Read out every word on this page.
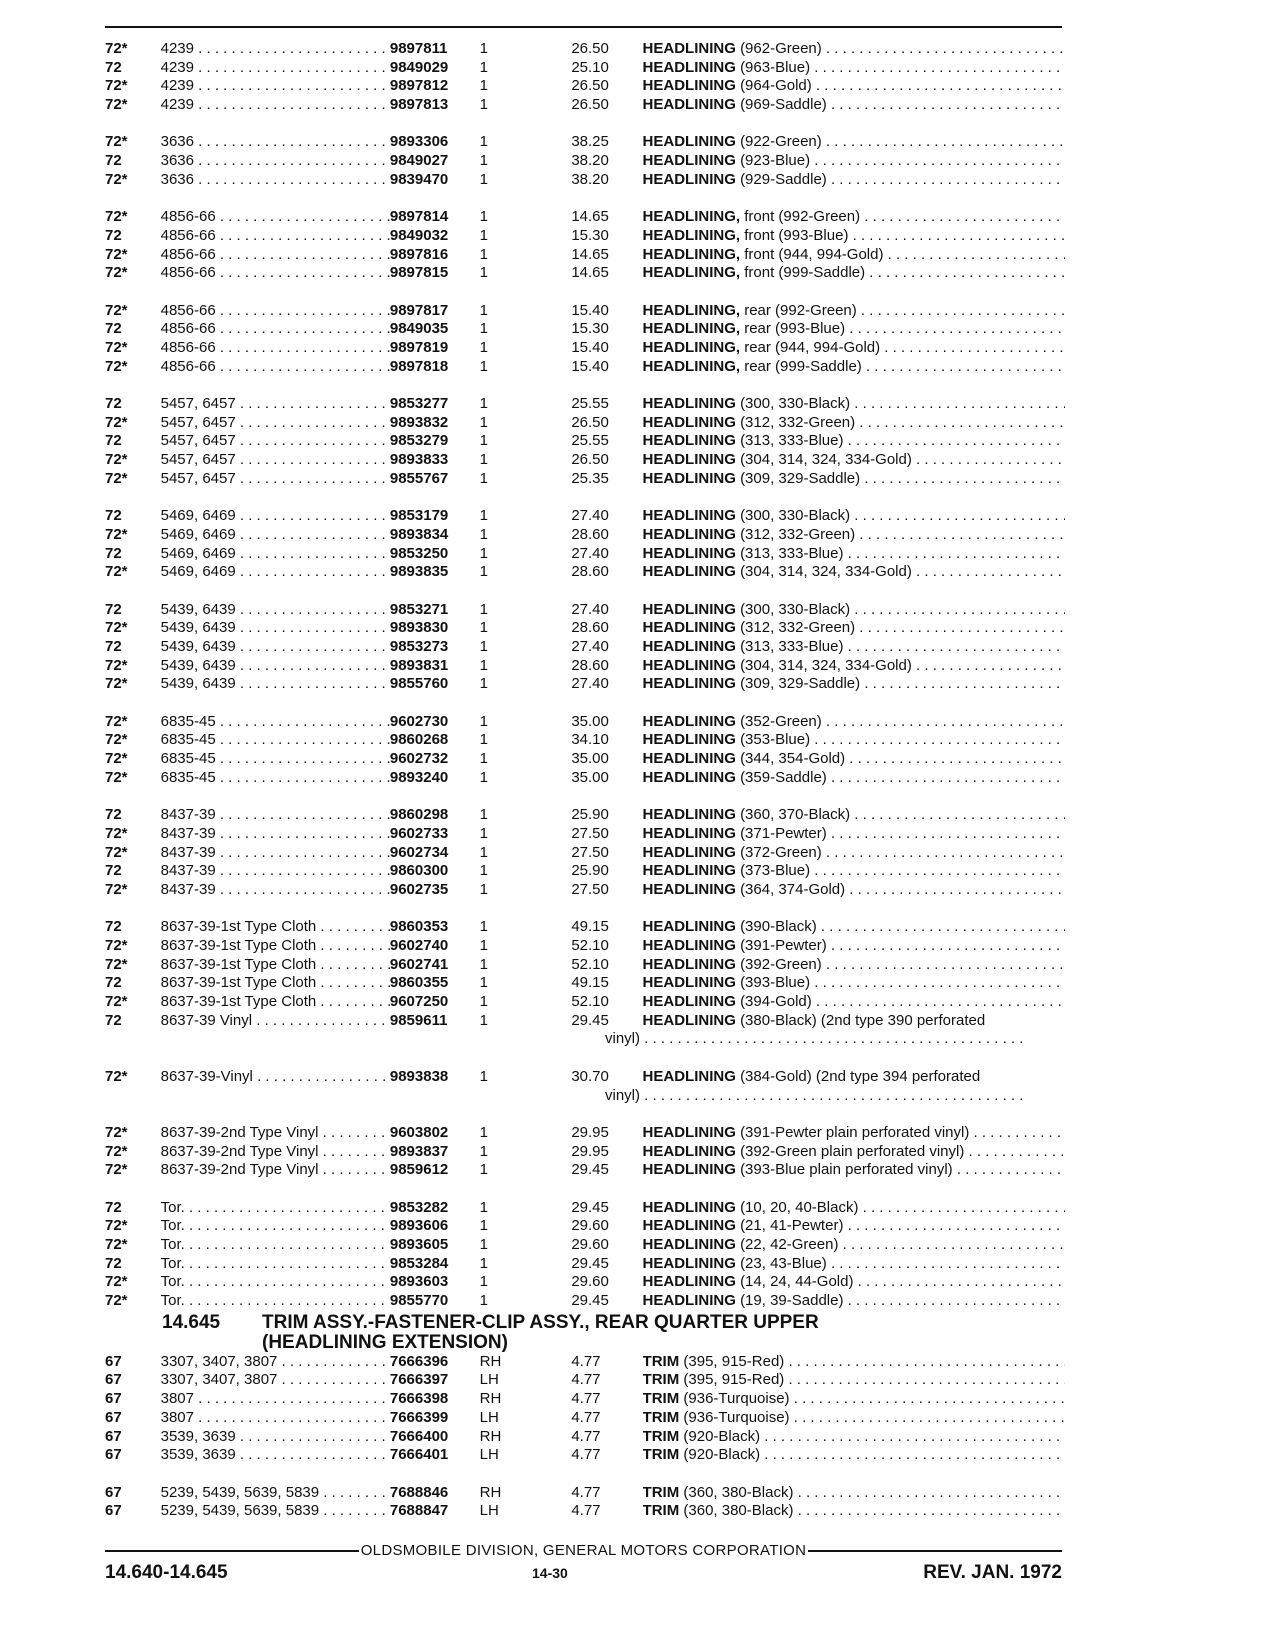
72*	4239 . . .	9897811	1	26.50	HEADLINING (962-Green) . . .
72	4239 . . .	9849029	1	25.10	HEADLINING (963-Blue) . . .
72*	4239 . . .	9897812	1	26.50	HEADLINING (964-Gold) . . .
72*	4239 . . .	9897813	1	26.50	HEADLINING (969-Saddle) . . .
72*	3636 . . .	9893306	1	38.25	HEADLINING (922-Green) . . .
72	3636 . . .	9849027	1	38.20	HEADLINING (923-Blue) . . .
72*	3636 . . .	9839470	1	38.20	HEADLINING (929-Saddle) . . .
72*	4856-66 . . .	9897814	1	14.65	HEADLINING, front (992-Green) . . .
72	4856-66 . . .	9849032	1	15.30	HEADLINING, front (993-Blue) . . .
72*	4856-66 . . .	9897816	1	14.65	HEADLINING, front (944, 994-Gold) . . .
72*	4856-66 . . .	9897815	1	14.65	HEADLINING, front (999-Saddle) . . .
72*	4856-66 . . .	9897817	1	15.40	HEADLINING, rear (992-Green) . . .
72	4856-66 . . .	9849035	1	15.30	HEADLINING, rear (993-Blue) . . .
72*	4856-66 . . .	9897819	1	15.40	HEADLINING, rear (944, 994-Gold) . . .
72*	4856-66 . . .	9897818	1	15.40	HEADLINING, rear (999-Saddle) . . .
72	5457, 6457 . . .	9853277	1	25.55	HEADLINING (300, 330-Black) . . .
72*	5457, 6457 . . .	9893832	1	26.50	HEADLINING (312, 332-Green) . . .
72	5457, 6457 . . .	9853279	1	25.55	HEADLINING (313, 333-Blue) . . .
72*	5457, 6457 . . .	9893833	1	26.50	HEADLINING (304, 314, 324, 334-Gold) . . .
72*	5457, 6457 . . .	9855767	1	25.35	HEADLINING (309, 329-Saddle) . . .
72	5469, 6469 . . .	9853179	1	27.40	HEADLINING (300, 330-Black) . . .
72*	5469, 6469 . . .	9893834	1	28.60	HEADLINING (312, 332-Green) . . .
72	5469, 6469 . . .	9853250	1	27.40	HEADLINING (313, 333-Blue) . . .
72*	5469, 6469 . . .	9893835	1	28.60	HEADLINING (304, 314, 324, 334-Gold) . . .
72	5439, 6439 . . .	9853271	1	27.40	HEADLINING (300, 330-Black) . . .
72*	5439, 6439 . . .	9893830	1	28.60	HEADLINING (312, 332-Green) . . .
72	5439, 6439 . . .	9853273	1	27.40	HEADLINING (313, 333-Blue) . . .
72*	5439, 6439 . . .	9893831	1	28.60	HEADLINING (304, 314, 324, 334-Gold) . . .
72*	5439, 6439 . . .	9855760	1	27.40	HEADLINING (309, 329-Saddle) . . .
72*	6835-45 . . .	9602730	1	35.00	HEADLINING (352-Green) . . .
72*	6835-45 . . .	9860268	1	34.10	HEADLINING (353-Blue) . . .
72*	6835-45 . . .	9602732	1	35.00	HEADLINING (344, 354-Gold) . . .
72*	6835-45 . . .	9893240	1	35.00	HEADLINING (359-Saddle) . . .
72	8437-39 . . .	9860298	1	25.90	HEADLINING (360, 370-Black) . . .
72*	8437-39 . . .	9602733	1	27.50	HEADLINING (371-Pewter) . . .
72*	8437-39 . . .	9602734	1	27.50	HEADLINING (372-Green) . . .
72	8437-39 . . .	9860300	1	25.90	HEADLINING (373-Blue) . . .
72*	8437-39 . . .	9602735	1	27.50	HEADLINING (364, 374-Gold) . . .
72	8637-39-1st Type Cloth . . . .	9860353	1	49.15	HEADLINING (390-Black) . . .
72*	8637-39-1st Type Cloth . . . .	9602740	1	52.10	HEADLINING (391-Pewter) . . .
72*	8637-39-1st Type Cloth . . . .	9602741	1	52.10	HEADLINING (392-Green) . . .
72	8637-39-1st Type Cloth . . . .	9860355	1	49.15	HEADLINING (393-Blue) . . .
72*	8637-39-1st Type Cloth . . . .	9607250	1	52.10	HEADLINING (394-Gold) . . .
72	8637-39 Vinyl . . .	9859611	1	29.45	HEADLINING (380-Black) (2nd type 390 perforated
vinyl) . . .
72*	8637-39-Vinyl . . .	9893838	1	30.70	HEADLINING (384-Gold) (2nd type 394 perforated
vinyl) . . .
72*	8637-39-2nd Type Vinyl . . . .	9603802	1	29.95	HEADLINING (391-Pewter plain perforated vinyl) . . .
72*	8637-39-2nd Type Vinyl . . . .	9893837	1	29.95	HEADLINING (392-Green plain perforated vinyl) . . .
72*	8637-39-2nd Type Vinyl . . . .	9859612	1	29.45	HEADLINING (393-Blue plain perforated vinyl) . . .
72	Tor. . . .	9853282	1	29.45	HEADLINING (10, 20, 40-Black) . . .
72*	Tor. . . .	9893606	1	29.60	HEADLINING (21, 41-Pewter) . . .
72*	Tor. . . .	9893605	1	29.60	HEADLINING (22, 42-Green) . . .
72	Tor. . . .	9853284	1	29.45	HEADLINING (23, 43-Blue) . . .
72*	Tor. . . .	9893603	1	29.60	HEADLINING (14, 24, 44-Gold) . . .
72*	Tor. . . .	9855770	1	29.45	HEADLINING (19, 39-Saddle) . . .
14.645	TRIM ASSY.-FASTENER-CLIP ASSY., REAR QUARTER UPPER (HEADLINING EXTENSION)
67	3307, 3407, 3807 . . .	7666396	RH	4.77	TRIM (395, 915-Red) . . .
67	3307, 3407, 3807 . . .	7666397	LH	4.77	TRIM (395, 915-Red) . . .
67	3807 . . .	7666398	RH	4.77	TRIM (936-Turquoise) . . .
67	3807 . . .	7666399	LH	4.77	TRIM (936-Turquoise) . . .
67	3539, 3639 . . .	7666400	RH	4.77	TRIM (920-Black) . . .
67	3539, 3639 . . .	7666401	LH	4.77	TRIM (920-Black) . . .
67	5239, 5439, 5639, 5839 . . .	7688846	RH	4.77	TRIM (360, 380-Black) . . .
67	5239, 5439, 5639, 5839 . . .	7688847	LH	4.77	TRIM (360, 380-Black) . . .
OLDSMOBILE DIVISION, GENERAL MOTORS CORPORATION
14.640-14.645	14-30	REV. JAN. 1972
